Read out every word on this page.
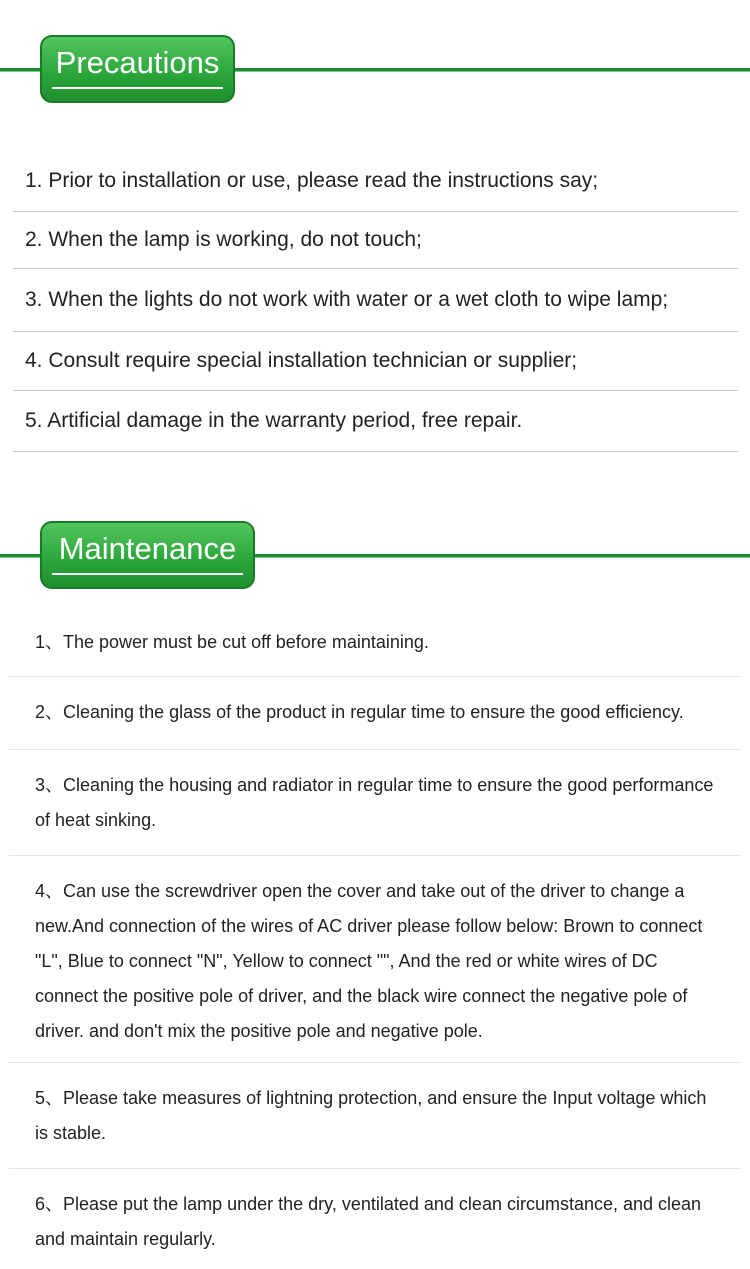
Precautions
1. Prior to installation or use, please read the instructions say;
2. When the lamp is working, do not touch;
3. When the lights do not work with water or a wet cloth to wipe lamp;
4. Consult require special installation technician or supplier;
5. Artificial damage in the warranty period, free repair.
Maintenance
1、The power must be cut off before maintaining.
2、Cleaning the glass of the product in regular time to ensure the good efficiency.
3、Cleaning the housing and radiator in regular time to ensure the good performance of heat sinking.
4、Can use the screwdriver open the cover and take out of the driver to change a new.And connection of the wires of AC driver please follow below: Brown to connect "L", Blue to connect "N", Yellow to connect "", And the red or white wires of DC connect the positive pole of driver, and the black wire connect the negative pole of driver. and don't mix the positive pole and negative pole.
5、Please take measures of lightning protection, and ensure the Input voltage which is stable.
6、Please put the lamp under the dry, ventilated and clean circumstance, and clean and maintain regularly.
